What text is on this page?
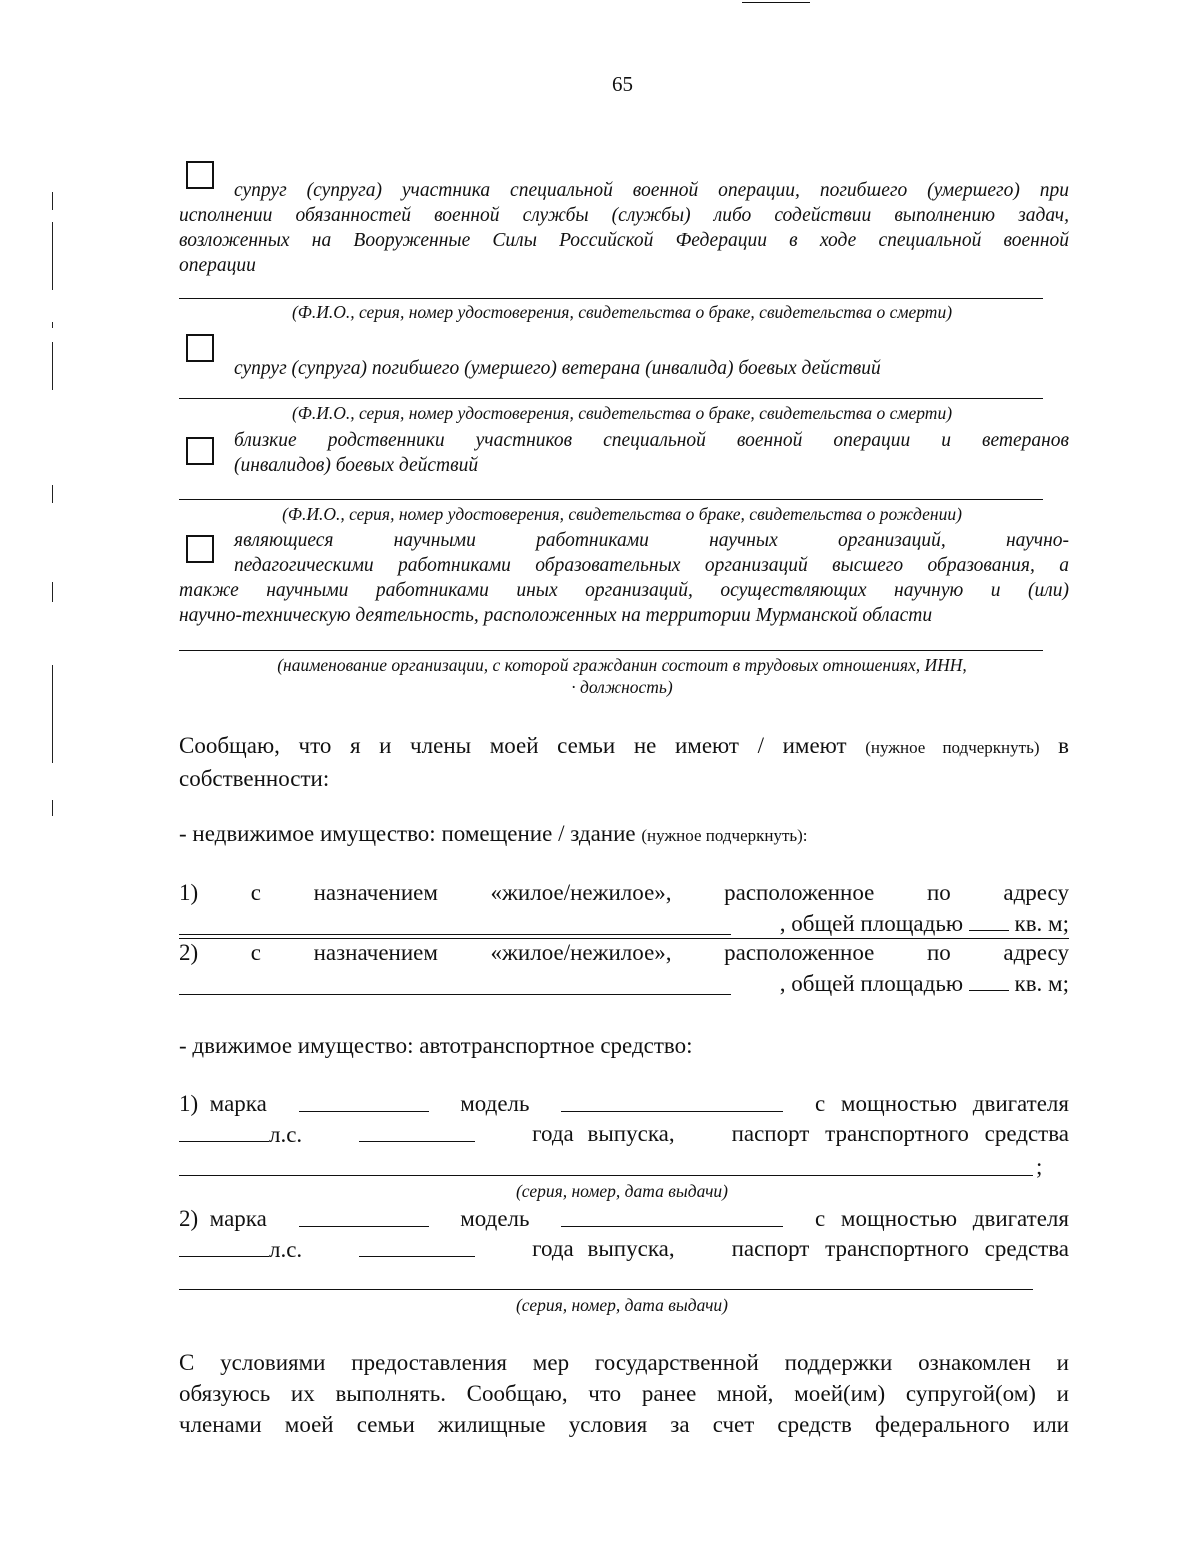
65
супруг (супруга) участника специальной военной операции, погибшего (умершего) при
исполнении обязанностей военной службы (службы) либо содействии выполнению задач,
возложенных на Вооруженные Силы Российской Федерации в ходе специальной военной
операции
(Ф.И.О., серия, номер удостоверения, свидетельства о браке, свидетельства о смерти)
супруг (супруга) погибшего (умершего) ветерана (инвалида) боевых действий
(Ф.И.О., серия, номер удостоверения, свидетельства о браке, свидетельства о смерти)
близкие родственники участников специальной военной операции и ветеранов
(инвалидов) боевых действий
(Ф.И.О., серия, номер удостоверения, свидетельства о браке, свидетельства о рождении)
являющиеся научными работниками научных организаций, научно-
педагогическими работниками образовательных организаций высшего образования, а
также научными работниками иных организаций, осуществляющих научную и (или)
научно-техническую деятельность, расположенных на территории Мурманской области
(наименование организации, с которой гражданин состоит в трудовых отношениях, ИНН,
· должность)
Сообщаю, что я и члены моей семьи не имеют / имеют (нужное подчеркнуть) в
собственности:
- недвижимое имущество: помещение / здание (нужное подчеркнуть):
1) с назначением «жилое/нежилое», расположенное по адресу
, общей площадью кв. м;
2) с назначением «жилое/нежилое», расположенное по адресу
, общей площадью кв. м;
- движимое имущество: автотранспортное средство:
1) марка	модель	с мощностью двигателя
л.с.	года выпуска, паспорт транспортного средства
;
(серия, номер, дата выдачи)
2) марка	модель	с мощностью двигателя
л.с.	года выпуска, паспорт транспортного средства
(серия, номер, дата выдачи)
С условиями предоставления мер государственной поддержки ознакомлен и
обязуюсь их выполнять. Сообщаю, что ранее мной, моей(им) супругой(ом) и
членами моей семьи жилищные условия за счет средств федерального или
